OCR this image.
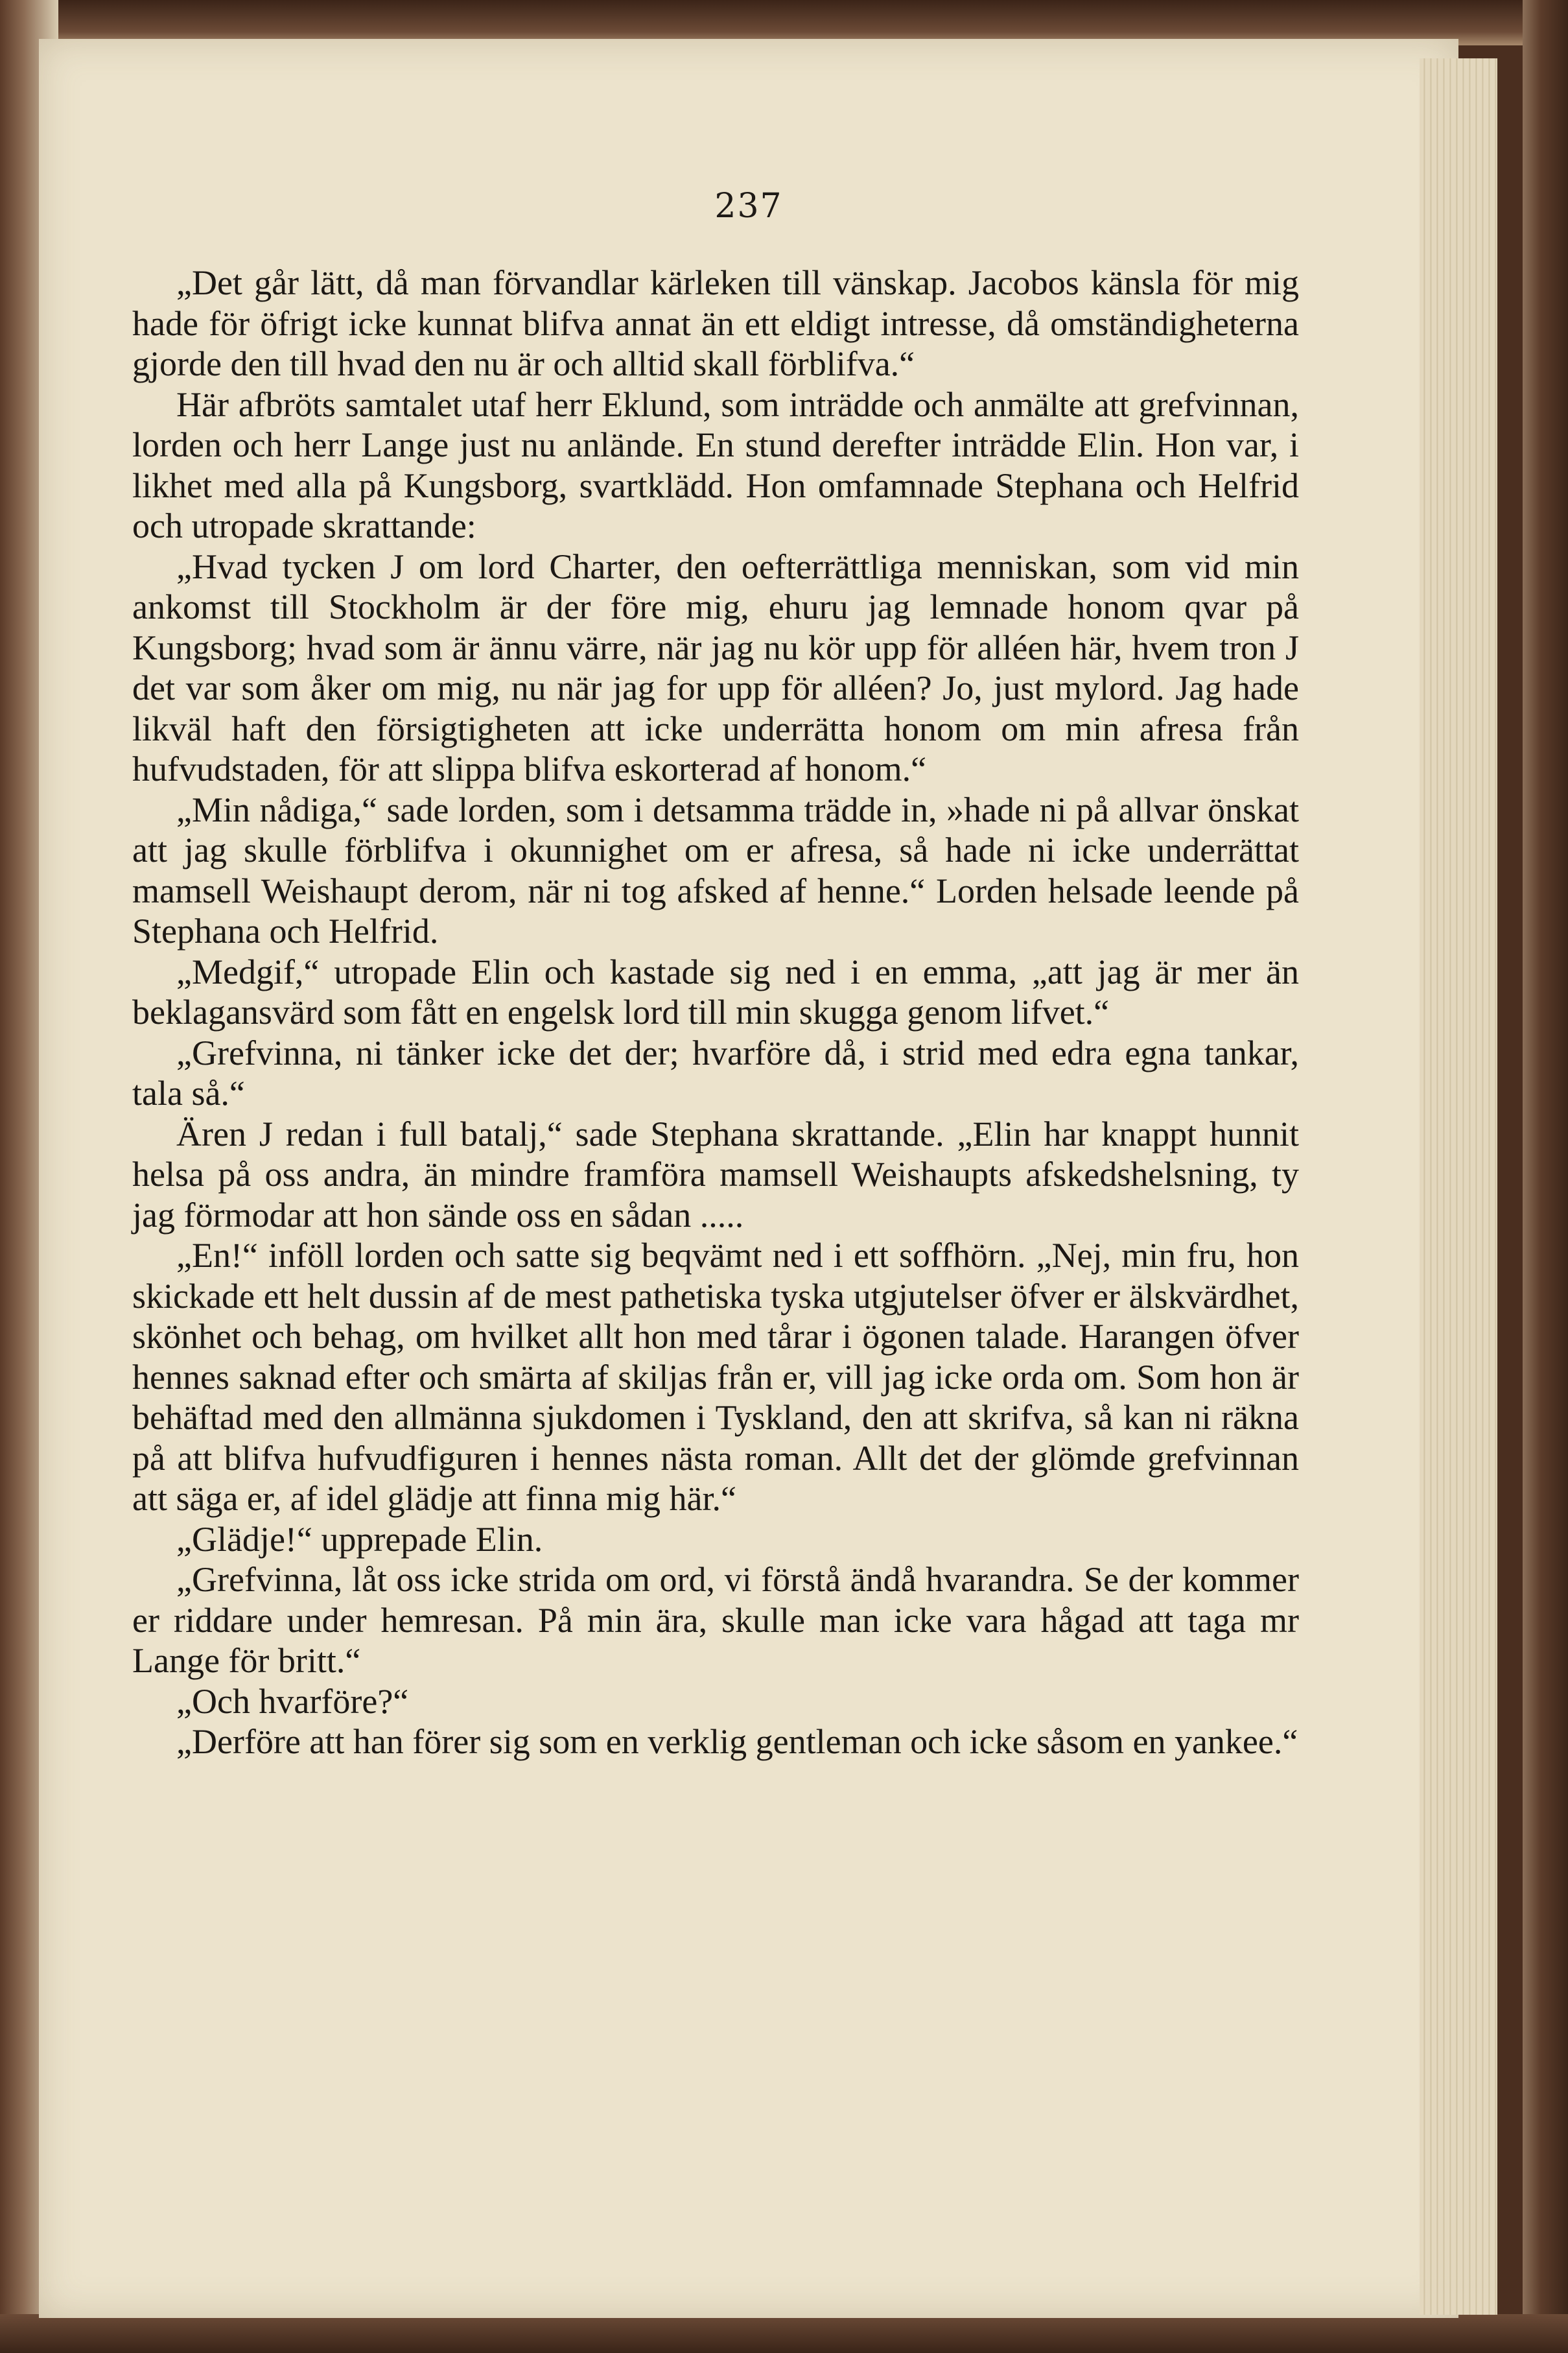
237

„Det går lätt, då man förvandlar kärleken till vänskap. Jacobos känsla för mig hade för öfrigt icke kunnat blifva annat än ett eldigt intresse, då omständigheterna gjorde den till hvad den nu är och alltid skall förblifva.“

Här afbröts samtalet utaf herr Eklund, som inträdde och anmälte att grefvinnan, lorden och herr Lange just nu anlände. En stund derefter inträdde Elin. Hon var, i likhet med alla på Kungsborg, svartklädd. Hon omfamnade Stephana och Helfrid och utropade skrattande:

„Hvad tycken J om lord Charter, den oefterrättliga menniskan, som vid min ankomst till Stockholm är der före mig, ehuru jag lemnade honom qvar på Kungsborg; hvad som är ännu värre, när jag nu kör upp för alléen här, hvem tron J det var som åker om mig, nu när jag for upp för alléen? Jo, just mylord. Jag hade likväl haft den försigtigheten att icke underrätta honom om min afresa från hufvudstaden, för att slippa blifva eskorterad af honom.“

„Min nådiga,“ sade lorden, som i detsamma trädde in, »hade ni på allvar önskat att jag skulle förblifva i okunnighet om er afresa, så hade ni icke underrättat mamsell Weishaupt derom, när ni tog afsked af henne.“ Lorden helsade leende på Stephana och Helfrid.

„Medgif,“ utropade Elin och kastade sig ned i en emma, „att jag är mer än beklagansvärd som fått en engelsk lord till min skugga genom lifvet.“

„Grefvinna, ni tänker icke det der; hvarföre då, i strid med edra egna tankar, tala så.“

Ären J redan i full batalj,“ sade Stephana skrattande. „Elin har knappt hunnit helsa på oss andra, än mindre framföra mamsell Weishaupts afskedshelsning, ty jag förmodar att hon sände oss en sådan .....

„En!“ inföll lorden och satte sig beqvämt ned i ett soffhörn. „Nej, min fru, hon skickade ett helt dussin af de mest pathetiska tyska utgjutelser öfver er älskvärdhet, skönhet och behag, om hvilket allt hon med tårar i ögonen talade. Harangen öfver hennes saknad efter och smärta af skiljas från er, vill jag icke orda om. Som hon är behäftad med den allmänna sjukdomen i Tyskland, den att skrifva, så kan ni räkna på att blifva hufvudfiguren i hennes nästa roman. Allt det der glömde grefvinnan att säga er, af idel glädje att finna mig här.“

„Glädje!“ upprepade Elin.

„Grefvinna, låt oss icke strida om ord, vi förstå ändå hvarandra. Se der kommer er riddare under hemresan. På min ära, skulle man icke vara hågad att taga mr Lange för britt.“

„Och hvarföre?“

„Derföre att han förer sig som en verklig gentleman och icke såsom en yankee.“
